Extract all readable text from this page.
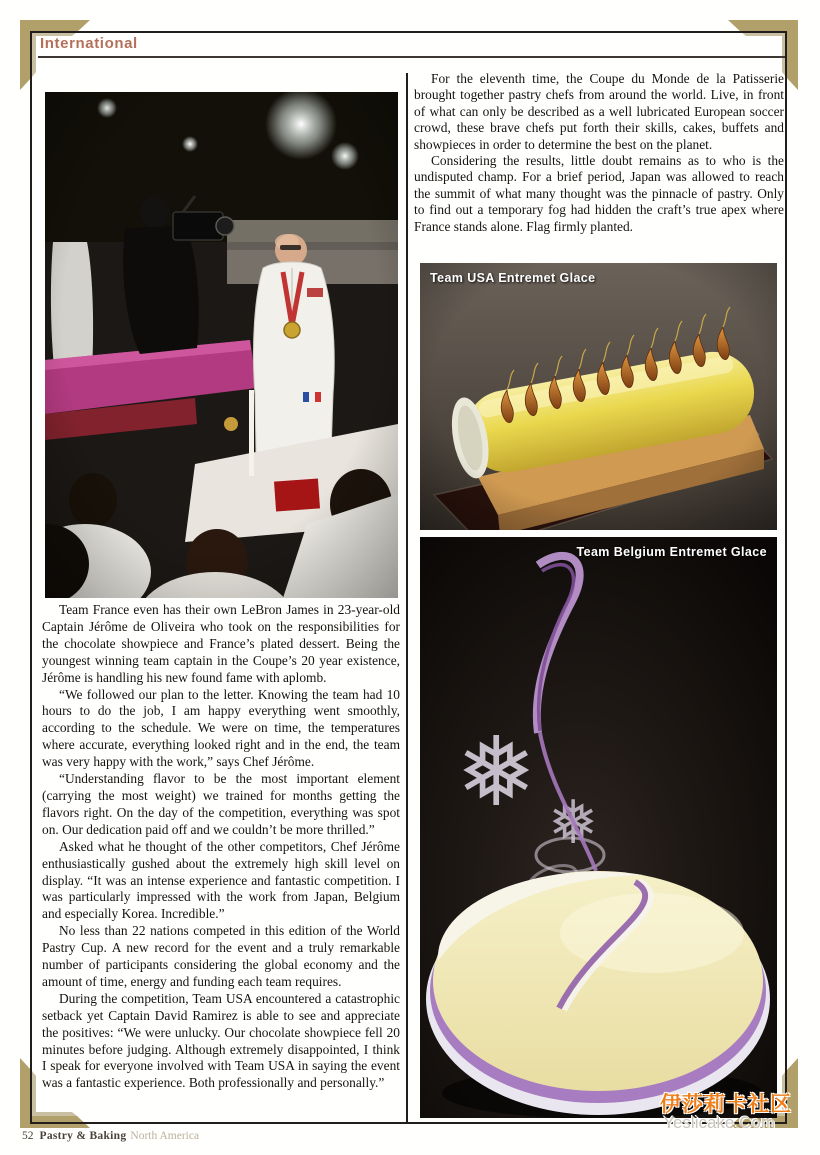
International

Team France even has their own LeBron James in 23-year-old Captain Jérôme de Oliveira who took on the responsibilities for the chocolate showpiece and France’s plated dessert. Being the youngest winning team captain in the Coupe’s 20 year existence, Jérôme is handling his new found fame with aplomb.

“We followed our plan to the letter. Knowing the team had 10 hours to do the job, I am happy everything went smoothly, according to the schedule. We were on time, the temperatures where accurate, everything looked right and in the end, the team was very happy with the work,” says Chef Jérôme.

“Understanding flavor to be the most important element (carrying the most weight) we trained for months getting the flavors right. On the day of the competition, everything was spot on. Our dedication paid off and we couldn’t be more thrilled.”

Asked what he thought of the other competitors, Chef Jérôme enthusiastically gushed about the extremely high skill level on display. “It was an intense experience and fantastic competition. I was particularly impressed with the work from Japan, Belgium and especially Korea. Incredible.”

No less than 22 nations competed in this edition of the World Pastry Cup. A new record for the event and a truly remarkable number of participants considering the global economy and the amount of time, energy and funding each team requires.

During the competition, Team USA encountered a catastrophic setback yet Captain David Ramirez is able to see and appreciate the positives: “We were unlucky. Our chocolate showpiece fell 20 minutes before judging. Although extremely disappointed, I think I speak for everyone involved with Team USA in saying the event was a fantastic experience. Both professionally and personally.”

For the eleventh time, the Coupe du Monde de la Patisserie brought together pastry chefs from around the world. Live, in front of what can only be described as a well lubricated European soccer crowd, these brave chefs put forth their skills, cakes, buffets and showpieces in order to determine the best on the planet.

Considering the results, little doubt remains as to who is the undisputed champ. For a brief period, Japan was allowed to reach the summit of what many thought was the pinnacle of pastry. Only to find out a temporary fog had hidden the craft’s true apex where France stands alone. Flag firmly planted.

Team USA Entremet Glace
❅ ❅
Team Belgium Entremet Glace
52 Pastry & Baking North America
伊莎莉卡社区
Yeslicake.Com
